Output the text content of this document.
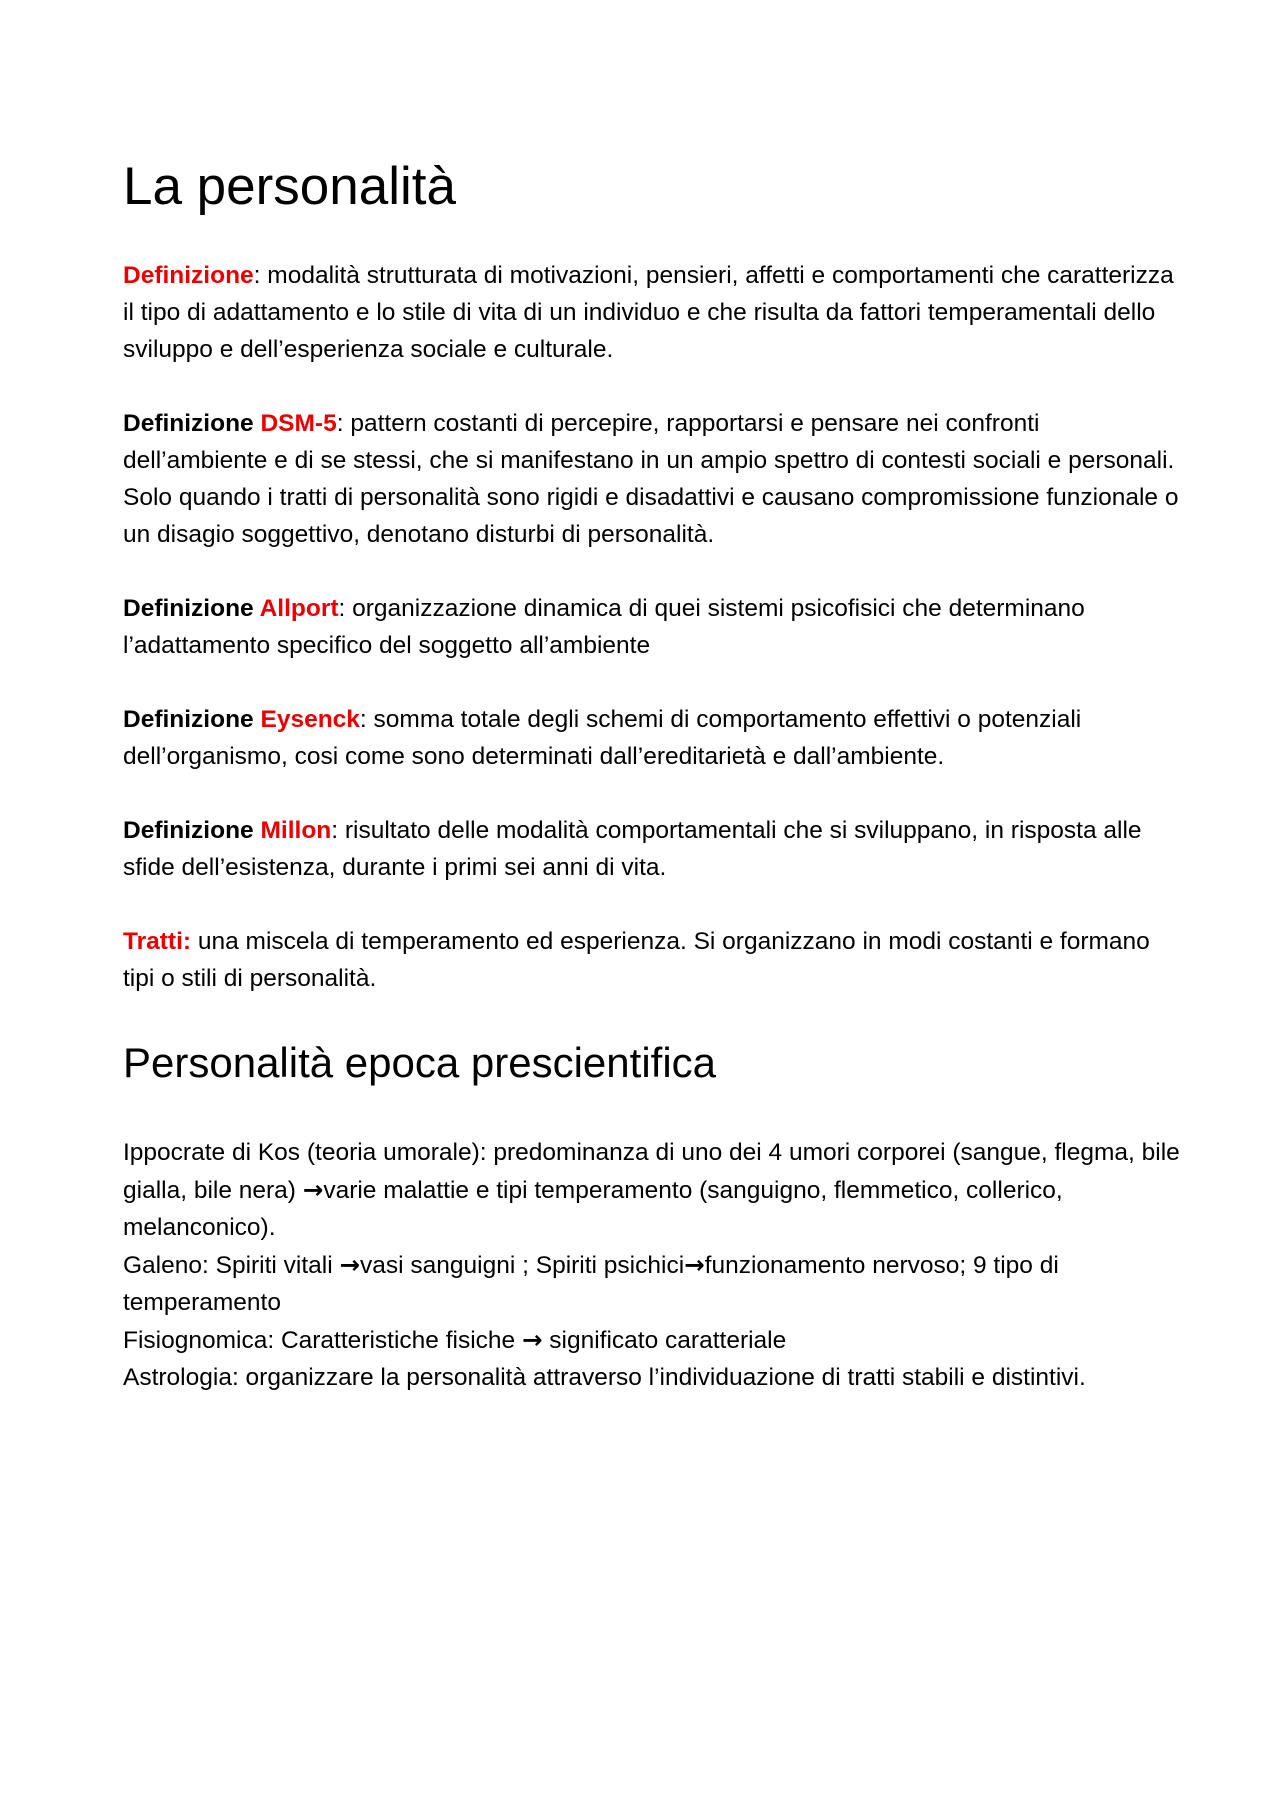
La personalità

Definizione: modalità strutturata di motivazioni, pensieri, affetti e comportamenti che caratterizza il tipo di adattamento e lo stile di vita di un individuo e che risulta da fattori temperamentali dello sviluppo e dell’esperienza sociale e culturale.

Definizione DSM-5: pattern costanti di percepire, rapportarsi e pensare nei confronti dell’ambiente e di se stessi, che si manifestano in un ampio spettro di contesti sociali e personali. Solo quando i tratti di personalità sono rigidi e disadattivi e causano compromissione funzionale o un disagio soggettivo, denotano disturbi di personalità.

Definizione Allport: organizzazione dinamica di quei sistemi psicofisici che determinano l’adattamento specifico del soggetto all’ambiente

Definizione Eysenck: somma totale degli schemi di comportamento effettivi o potenziali dell’organismo, cosi come sono determinati dall’ereditarietà e dall’ambiente.

Definizione Millon: risultato delle modalità comportamentali che si sviluppano, in risposta alle sfide dell’esistenza, durante i primi sei anni di vita.

Tratti: una miscela di temperamento ed esperienza. Si organizzano in modi costanti e formano tipi o stili di personalità.

Personalità epoca prescientifica

Ippocrate di Kos (teoria umorale): predominanza di uno dei 4 umori corporei (sangue, flegma, bile gialla, bile nera) →varie malattie e tipi temperamento (sanguigno, flemmetico, collerico, melanconico).

Galeno: Spiriti vitali →vasi sanguigni ; Spiriti psichici→funzionamento nervoso; 9 tipo di temperamento

Fisiognomica: Caratteristiche fisiche → significato caratteriale

Astrologia: organizzare la personalità attraverso l’individuazione di tratti stabili e distintivi.
